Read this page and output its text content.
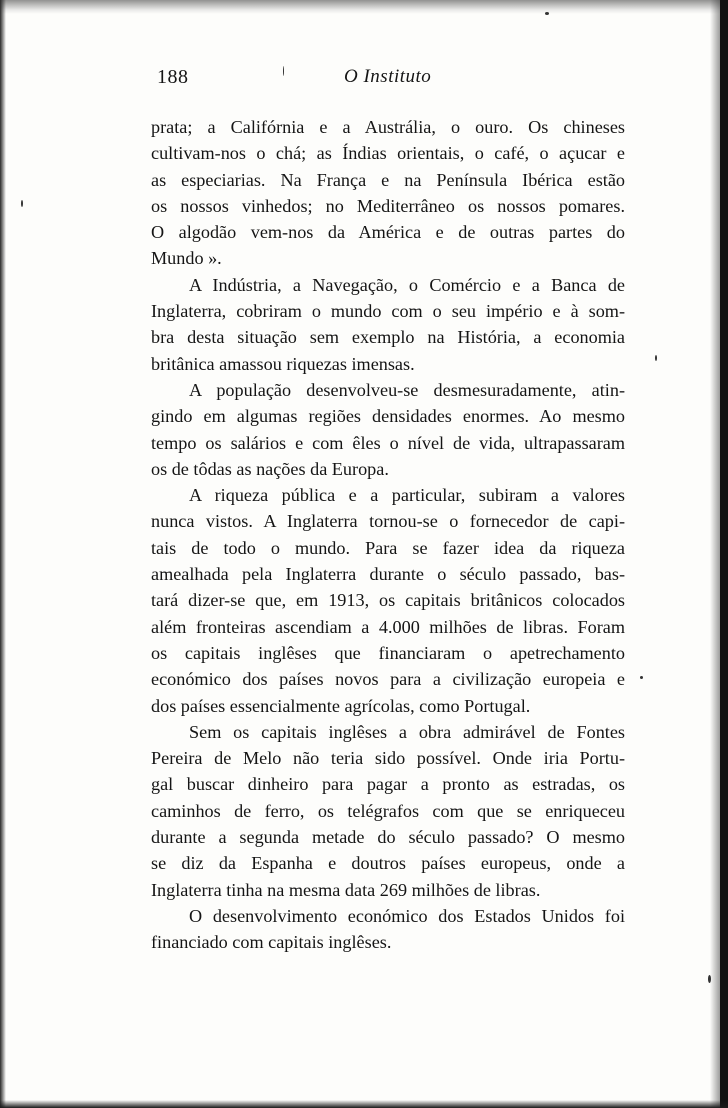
188	O Instituto
prata; a Califórnia e a Austrália, o ouro. Os chineses
cultivam-nos o chá; as Índias orientais, o café, o açucar e
as especiarias. Na França e na Península Ibérica estão
os nossos vinhedos; no Mediterrâneo os nossos pomares.
O algodão vem-nos da América e de outras partes do
Mundo ».
A Indústria, a Navegação, o Comércio e a Banca de
Inglaterra, cobriram o mundo com o seu império e à som-
bra desta situação sem exemplo na História, a economia
britânica amassou riquezas imensas.
A população desenvolveu-se desmesuradamente, atin-
gindo em algumas regiões densidades enormes. Ao mesmo
tempo os salários e com êles o nível de vida, ultrapassaram
os de tôdas as nações da Europa.
A riqueza pública e a particular, subiram a valores
nunca vistos. A Inglaterra tornou-se o fornecedor de capi-
tais de todo o mundo. Para se fazer idea da riqueza
amealhada pela Inglaterra durante o século passado, bas-
tará dizer-se que, em 1913, os capitais britânicos colocados
além fronteiras ascendiam a 4.000 milhões de libras. Foram
os capitais inglêses que financiaram o apetrechamento
económico dos países novos para a civilização europeia e
dos países essencialmente agrícolas, como Portugal.
Sem os capitais inglêses a obra admirável de Fontes
Pereira de Melo não teria sido possível. Onde iria Portu-
gal buscar dinheiro para pagar a pronto as estradas, os
caminhos de ferro, os telégrafos com que se enriqueceu
durante a segunda metade do século passado? O mesmo
se diz da Espanha e doutros países europeus, onde a
Inglaterra tinha na mesma data 269 milhões de libras.
O desenvolvimento económico dos Estados Unidos foi
financiado com capitais inglêses.
